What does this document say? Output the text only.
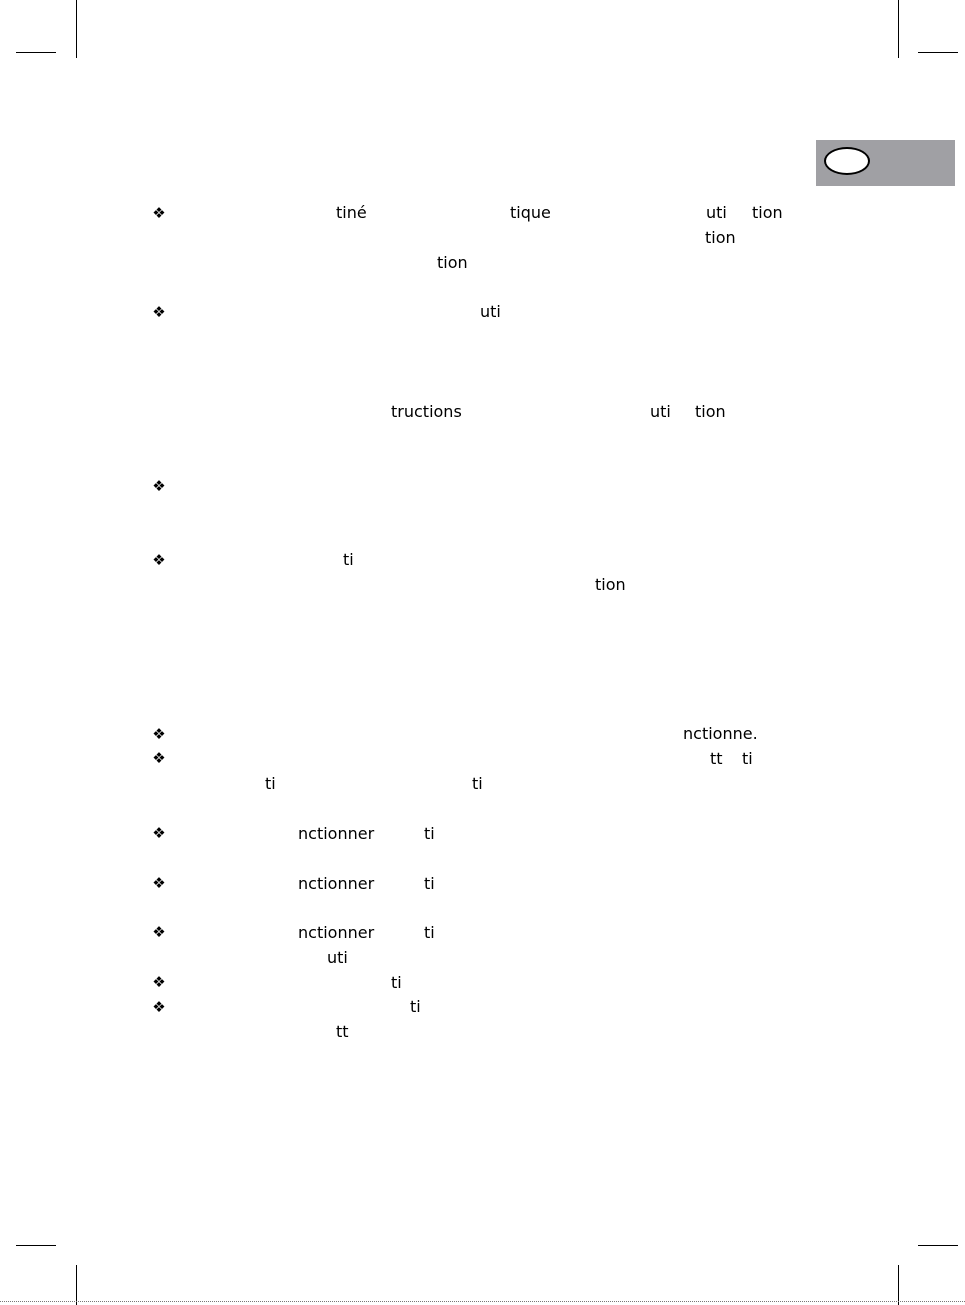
❖
❖
❖
❖
❖
❖
❖
❖
❖
❖
❖
tiné	tique	uti tion
tion
tion
uti
tructions	uti tion
ti
tion
nctionne.
tt ti
ti	ti
nctionner	ti
nctionner	ti
nctionner	ti
uti
ti
ti
tt
